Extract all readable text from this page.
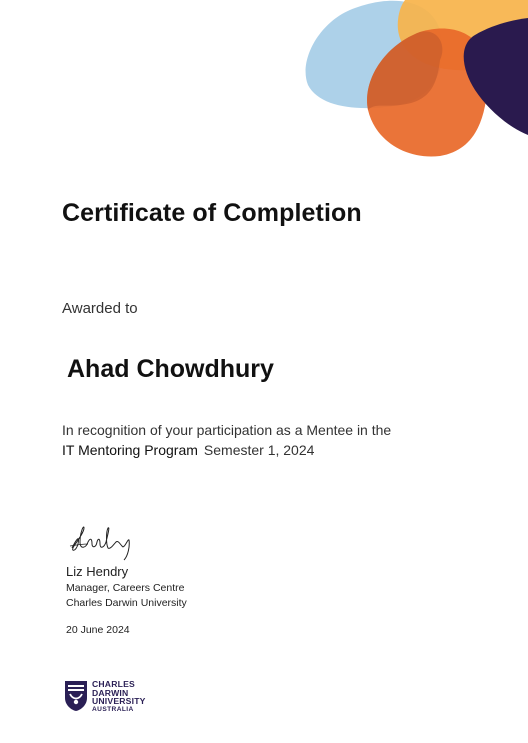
Certificate of Completion
Awarded to
Ahad Chowdhury
In recognition of your participation as a Mentee in the
IT Mentoring Program Semester 1, 2024
Liz Hendry
Manager, Careers Centre
Charles Darwin University
20 June 2024
CHARLES
DARWIN
UNIVERSITY
AUSTRALIA
